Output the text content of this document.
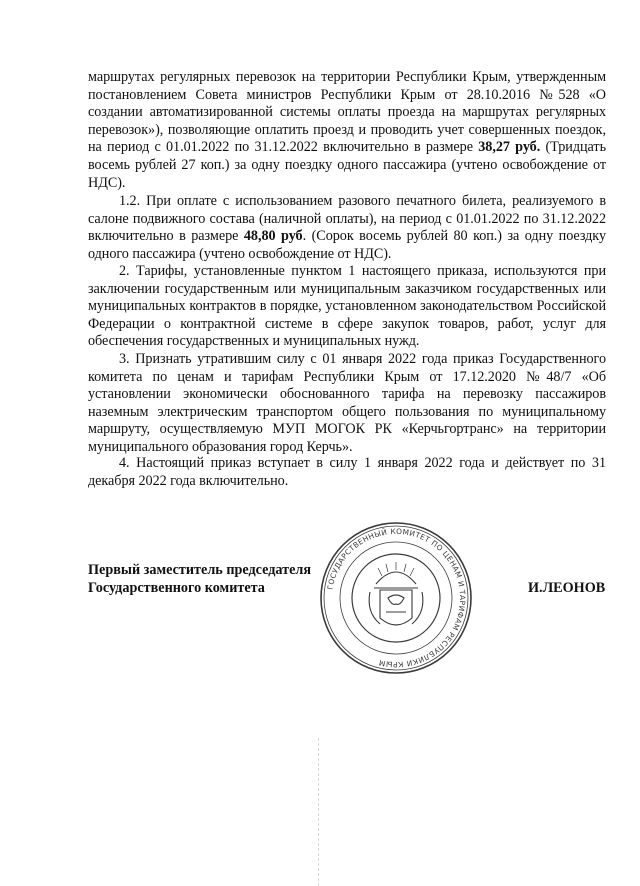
маршрутах регулярных перевозок на территории Республики Крым, утвержденным постановлением Совета министров Республики Крым от 28.10.2016 №528 «О создании автоматизированной системы оплаты проезда на маршрутах регулярных перевозок»), позволяющие оплатить проезд и проводить учет совершенных поездок, на период с 01.01.2022 по 31.12.2022 включительно в размере 38,27 руб. (Тридцать восемь рублей 27 коп.) за одну поездку одного пассажира (учтено освобождение от НДС).

1.2. При оплате с использованием разового печатного билета, реализуемого в салоне подвижного состава (наличной оплаты), на период с 01.01.2022 по 31.12.2022 включительно в размере 48,80 руб. (Сорок восемь рублей 80 коп.) за одну поездку одного пассажира (учтено освобождение от НДС).

2. Тарифы, установленные пунктом 1 настоящего приказа, используются при заключении государственным или муниципальным заказчиком государственных или муниципальных контрактов в порядке, установленном законодательством Российской Федерации о контрактной системе в сфере закупок товаров, работ, услуг для обеспечения государственных и муниципальных нужд.

3. Признать утратившим силу с 01 января 2022 года приказ Государственного комитета по ценам и тарифам Республики Крым от 17.12.2020 №48/7 «Об установлении экономически обоснованного тарифа на перевозку пассажиров наземным электрическим транспортом общего пользования по муниципальному маршруту, осуществляемую МУП МОГОК РК «Керчьгортранс» на территории муниципального образования город Керчь».

4. Настоящий приказ вступает в силу 1 января 2022 года и действует по 31 декабря 2022 года включительно.

Первый заместитель председателя
Государственного комитета	И.ЛЕОНОВ
ГОСУДАРСТВЕННЫЙ КОМИТЕТ ПО ЦЕНАМ И ТАРИФАМ РЕСПУБЛИКИ КРЫМ
